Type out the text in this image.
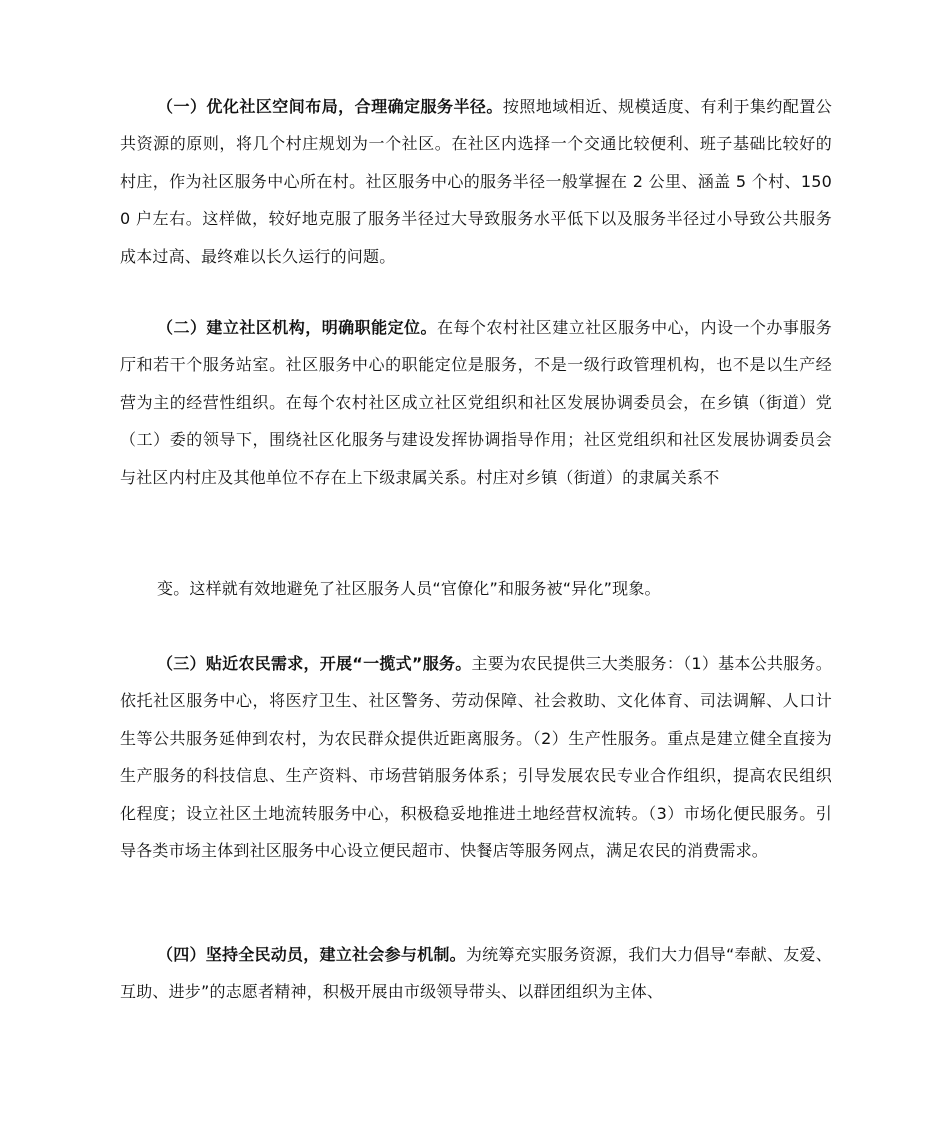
（一）优化社区空间布局，合理确定服务半径。按照地域相近、规模适度、有利于集约配置公共资源的原则，将几个村庄规划为一个社区。在社区内选择一个交通比较便利、班子基础比较好的村庄，作为社区服务中心所在村。社区服务中心的服务半径一般掌握在 2 公里、涵盖 5 个村、1500 户左右。这样做，较好地克服了服务半径过大导致服务水平低下以及服务半径过小导致公共服务成本过高、最终难以长久运行的问题。

（二）建立社区机构，明确职能定位。在每个农村社区建立社区服务中心，内设一个办事服务厅和若干个服务站室。社区服务中心的职能定位是服务，不是一级行政管理机构，也不是以生产经营为主的经营性组织。在每个农村社区成立社区党组织和社区发展协调委员会，在乡镇（街道）党（工）委的领导下，围绕社区化服务与建设发挥协调指导作用；社区党组织和社区发展协调委员会与社区内村庄及其他单位不存在上下级隶属关系。村庄对乡镇（街道）的隶属关系不

变。这样就有效地避免了社区服务人员“官僚化”和服务被“异化”现象。

（三）贴近农民需求，开展“一揽式”服务。主要为农民提供三大类服务：（1）基本公共服务。依托社区服务中心，将医疗卫生、社区警务、劳动保障、社会救助、文化体育、司法调解、人口计生等公共服务延伸到农村，为农民群众提供近距离服务。（2）生产性服务。重点是建立健全直接为生产服务的科技信息、生产资料、市场营销服务体系；引导发展农民专业合作组织，提高农民组织化程度；设立社区土地流转服务中心，积极稳妥地推进土地经营权流转。（3）市场化便民服务。引导各类市场主体到社区服务中心设立便民超市、快餐店等服务网点，满足农民的消费需求。

（四）坚持全民动员，建立社会参与机制。为统筹充实服务资源，我们大力倡导“奉献、友爱、互助、进步”的志愿者精神，积极开展由市级领导带头、以群团组织为主体、
